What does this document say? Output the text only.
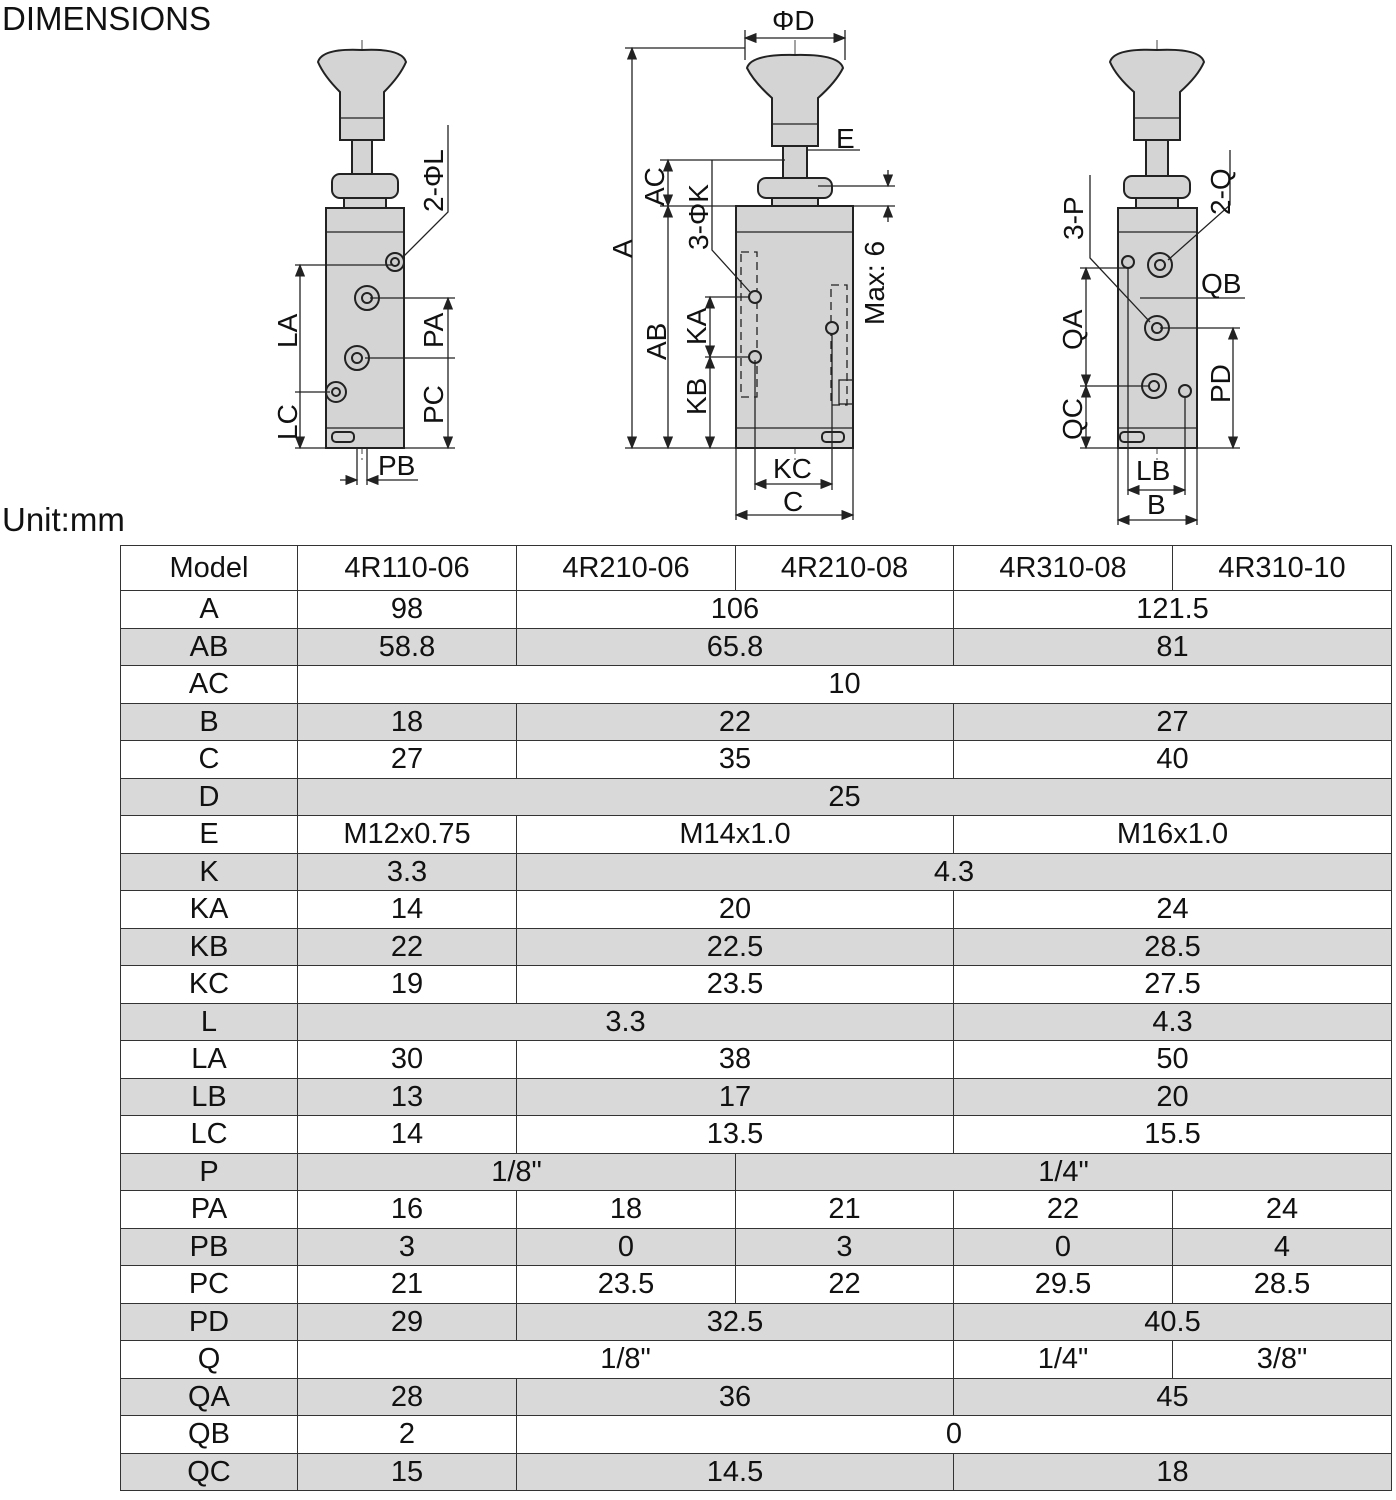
DIMENSIONS
2-ΦL
LA
LC
PA
PC
PB
ΦD
E
A
AC
AB
3-ΦK
KA
KB
Max: 6
KC
C
2-Q
3-P
QB
QA
PD
QC
LB
B
Unit:mm
Model	4R110-06	4R210-06	4R210-08	4R310-08	4R310-10
A	98	106		121.5	
AB	58.8	65.8		81	
AC	10				
B	18	22		27	
C	27	35		40	
D	25				
E	M12x0.75	M14x1.0		M16x1.0	
K	3.3	4.3			
KA	14	20		24	
KB	22	22.5		28.5	
KC	19	23.5		27.5	
L	3.3			4.3	
LA	30	38		50	
LB	13	17		20	
LC	14	13.5		15.5	
P	1/8"		1/4"		
PA	16	18	21	22	24
PB	3	0	3	0	4
PC	21	23.5	22	29.5	28.5
PD	29	32.5		40.5	
Q	1/8"			1/4"	3/8"
QA	28	36		45	
QB	2	0			
QC	15	14.5		18	
